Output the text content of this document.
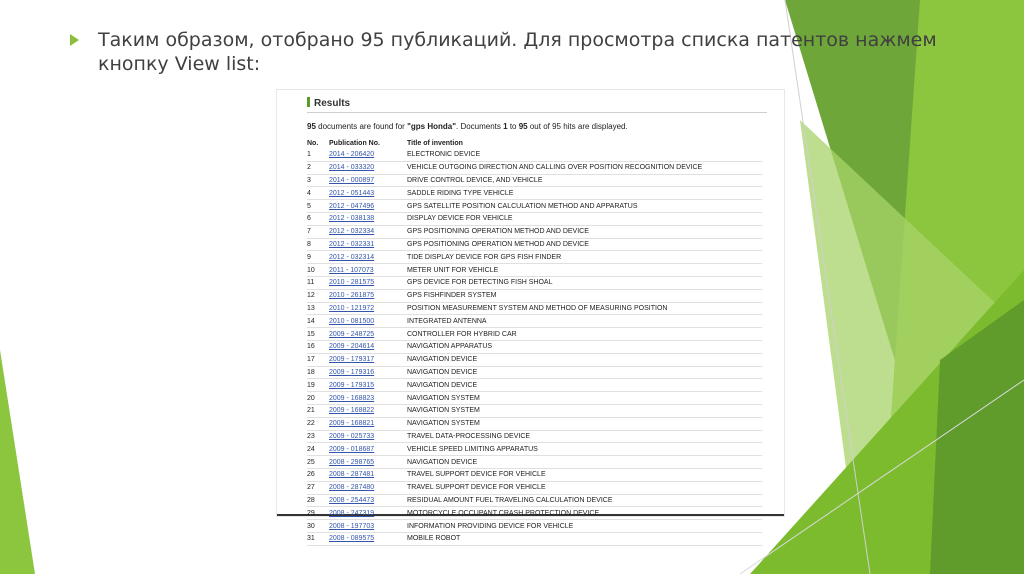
Таким образом, отобрано 95 публикаций. Для просмотра списка патентов нажмем кнопку View list:
Results
95 documents are found for "gps Honda". Documents 1 to 95 out of 95 hits are displayed.
No.	Publication No.	Title of invention
1	2014 - 206420	ELECTRONIC DEVICE
2	2014 - 033320	VEHICLE OUTGOING DIRECTION AND CALLING OVER POSITION RECOGNITION DEVICE
3	2014 - 000897	DRIVE CONTROL DEVICE, AND VEHICLE
4	2012 - 051443	SADDLE RIDING TYPE VEHICLE
5	2012 - 047496	GPS SATELLITE POSITION CALCULATION METHOD AND APPARATUS
6	2012 - 038138	DISPLAY DEVICE FOR VEHICLE
7	2012 - 032334	GPS POSITIONING OPERATION METHOD AND DEVICE
8	2012 - 032331	GPS POSITIONING OPERATION METHOD AND DEVICE
9	2012 - 032314	TIDE DISPLAY DEVICE FOR GPS FISH FINDER
10	2011 - 107073	METER UNIT FOR VEHICLE
11	2010 - 281575	GPS DEVICE FOR DETECTING FISH SHOAL
12	2010 - 261875	GPS FISHFINDER SYSTEM
13	2010 - 121972	POSITION MEASUREMENT SYSTEM AND METHOD OF MEASURING POSITION
14	2010 - 081500	INTEGRATED ANTENNA
15	2009 - 248725	CONTROLLER FOR HYBRID CAR
16	2009 - 204614	NAVIGATION APPARATUS
17	2009 - 179317	NAVIGATION DEVICE
18	2009 - 179316	NAVIGATION DEVICE
19	2009 - 179315	NAVIGATION DEVICE
20	2009 - 168823	NAVIGATION SYSTEM
21	2009 - 168822	NAVIGATION SYSTEM
22	2009 - 168821	NAVIGATION SYSTEM
23	2009 - 025733	TRAVEL DATA-PROCESSING DEVICE
24	2009 - 018687	VEHICLE SPEED LIMITING APPARATUS
25	2008 - 298765	NAVIGATION DEVICE
26	2008 - 287481	TRAVEL SUPPORT DEVICE FOR VEHICLE
27	2008 - 287480	TRAVEL SUPPORT DEVICE FOR VEHICLE
28	2008 - 254473	RESIDUAL AMOUNT FUEL TRAVELING CALCULATION DEVICE
29	2008 - 247319	MOTORCYCLE OCCUPANT CRASH PROTECTION DEVICE
30	2008 - 197703	INFORMATION PROVIDING DEVICE FOR VEHICLE
31	2008 - 089575	MOBILE ROBOT
